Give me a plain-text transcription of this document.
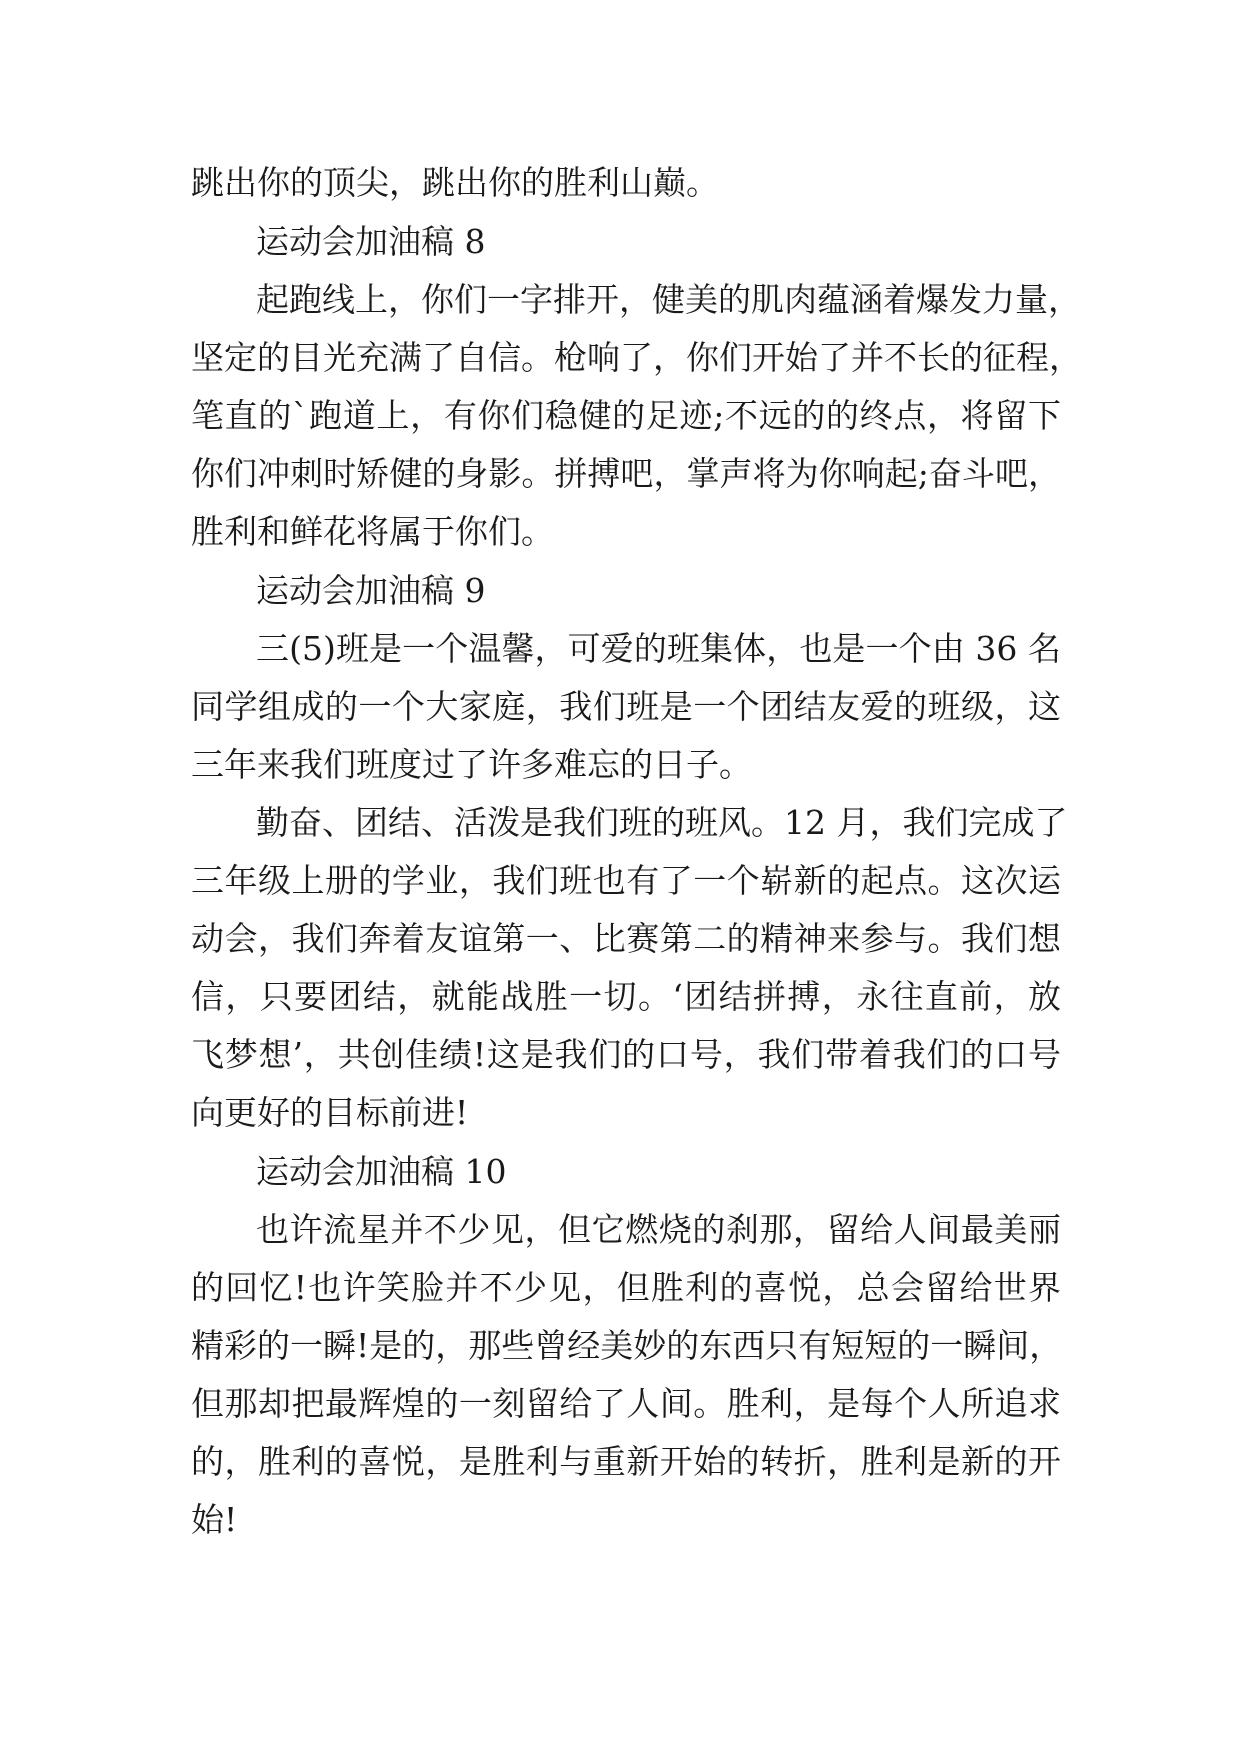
跳出你的顶尖，跳出你的胜利山巅。

运动会加油稿 8

起跑线上，你们一字排开，健美的肌肉蕴涵着爆发力量，

坚定的目光充满了自信。枪响了，你们开始了并不长的征程，

笔直的`跑道上，有你们稳健的足迹;不远的的终点，将留下

你们冲刺时矫健的身影。拼搏吧，掌声将为你响起;奋斗吧，

胜利和鲜花将属于你们。

运动会加油稿 9

三(5)班是一个温馨，可爱的班集体，也是一个由 36 名

同学组成的一个大家庭，我们班是一个团结友爱的班级，这

三年来我们班度过了许多难忘的日子。

勤奋、团结、活泼是我们班的班风。12 月，我们完成了

三年级上册的学业，我们班也有了一个崭新的起点。这次运

动会，我们奔着友谊第一、比赛第二的精神来参与。我们想

信，只要团结，就能战胜一切。‘团结拼搏，永往直前，放

飞梦想’，共创佳绩!这是我们的口号，我们带着我们的口号

向更好的目标前进!

运动会加油稿 10

也许流星并不少见，但它燃烧的刹那，留给人间最美丽

的回忆!也许笑脸并不少见，但胜利的喜悦，总会留给世界

精彩的一瞬!是的，那些曾经美妙的东西只有短短的一瞬间，

但那却把最辉煌的一刻留给了人间。胜利，是每个人所追求

的，胜利的喜悦，是胜利与重新开始的转折，胜利是新的开

始!
